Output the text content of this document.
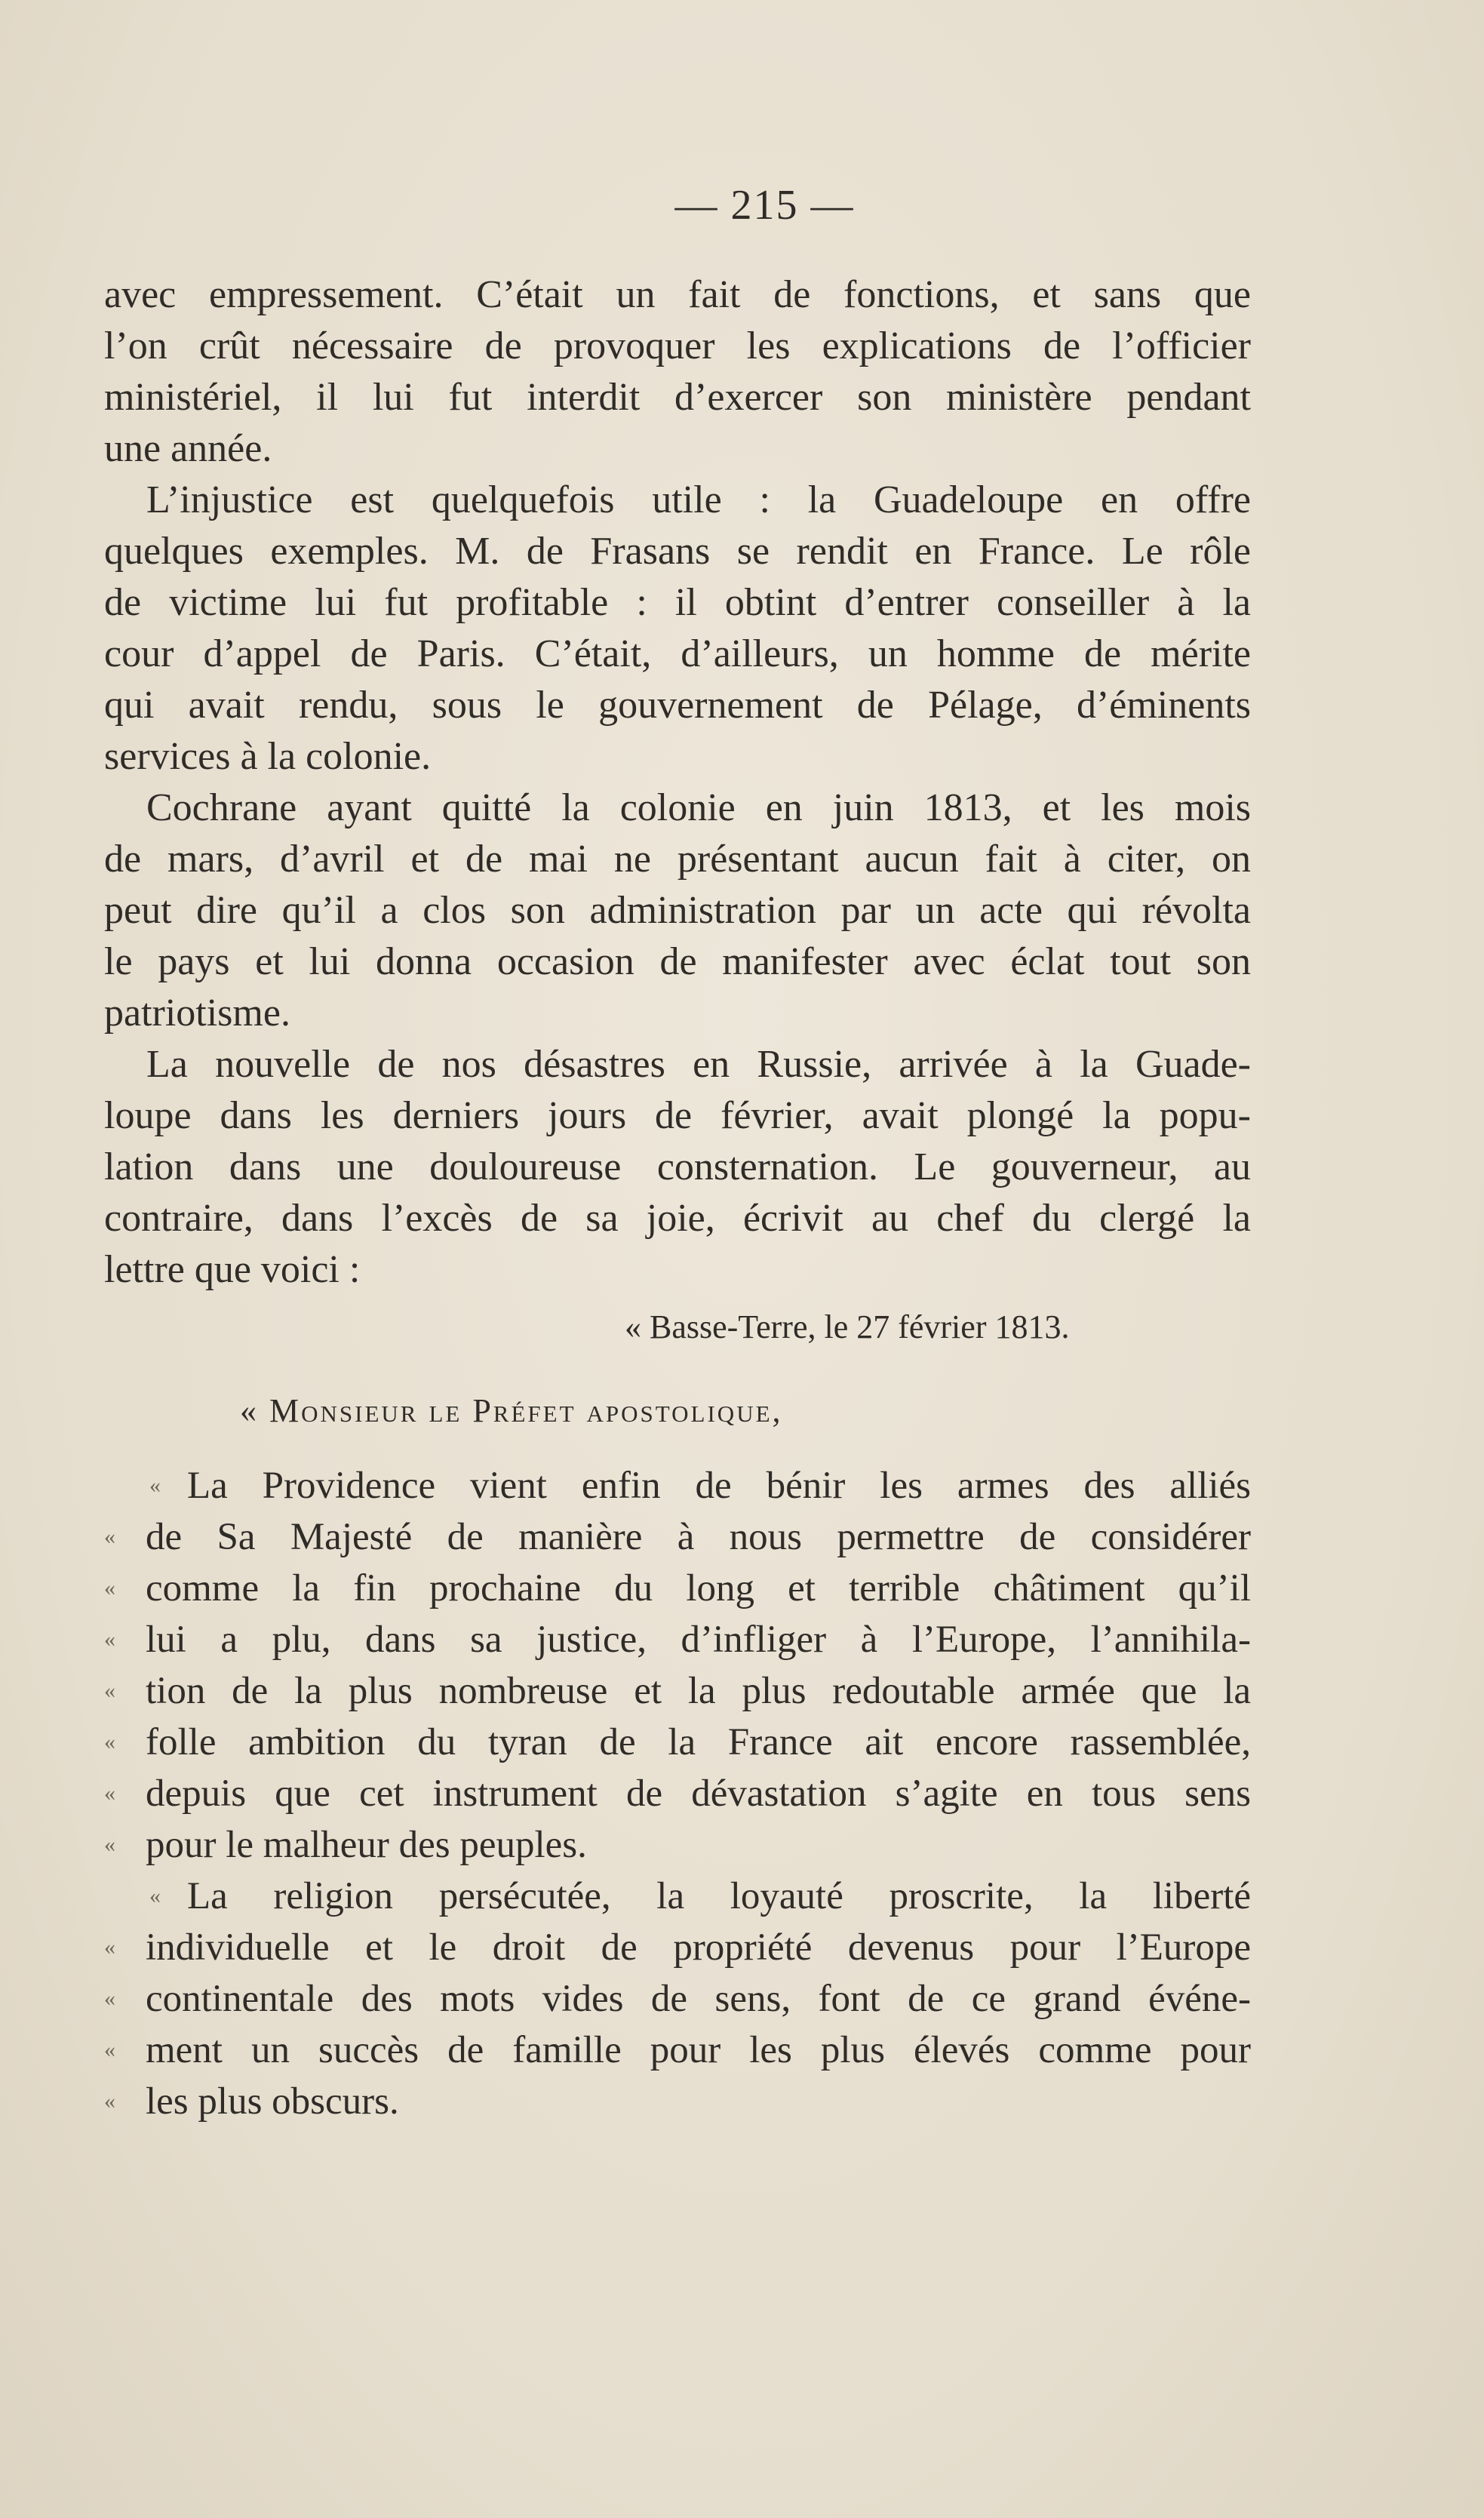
— 215 —
avec empressement. C’était un fait de fonctions, et sans que
l’on crût nécessaire de provoquer les explications de l’officier
ministériel, il lui fut interdit d’exercer son ministère pendant
une année.
L’injustice est quelquefois utile : la Guadeloupe en offre
quelques exemples. M. de Frasans se rendit en France. Le rôle
de victime lui fut profitable : il obtint d’entrer conseiller à la
cour d’appel de Paris. C’était, d’ailleurs, un homme de mérite
qui avait rendu, sous le gouvernement de Pélage, d’éminents
services à la colonie.
Cochrane ayant quitté la colonie en juin 1813, et les mois
de mars, d’avril et de mai ne présentant aucun fait à citer, on
peut dire qu’il a clos son administration par un acte qui révolta
le pays et lui donna occasion de manifester avec éclat tout son
patriotisme.
La nouvelle de nos désastres en Russie, arrivée à la Guade-
loupe dans les derniers jours de février, avait plongé la popu-
lation dans une douloureuse consternation. Le gouverneur, au
contraire, dans l’excès de sa joie, écrivit au chef du clergé la
lettre que voici :
« Basse-Terre, le 27 février 1813.
« Monsieur le Préfet apostolique,
« La Providence vient enfin de bénir les armes des alliés
« de Sa Majesté de manière à nous permettre de considérer
« comme la fin prochaine du long et terrible châtiment qu’il
« lui a plu, dans sa justice, d’infliger à l’Europe, l’annihila-
« tion de la plus nombreuse et la plus redoutable armée que la
« folle ambition du tyran de la France ait encore rassemblée,
« depuis que cet instrument de dévastation s’agite en tous sens
« pour le malheur des peuples.
« La religion persécutée, la loyauté proscrite, la liberté
« individuelle et le droit de propriété devenus pour l’Europe
« continentale des mots vides de sens, font de ce grand événe-
« ment un succès de famille pour les plus élevés comme pour
« les plus obscurs.
